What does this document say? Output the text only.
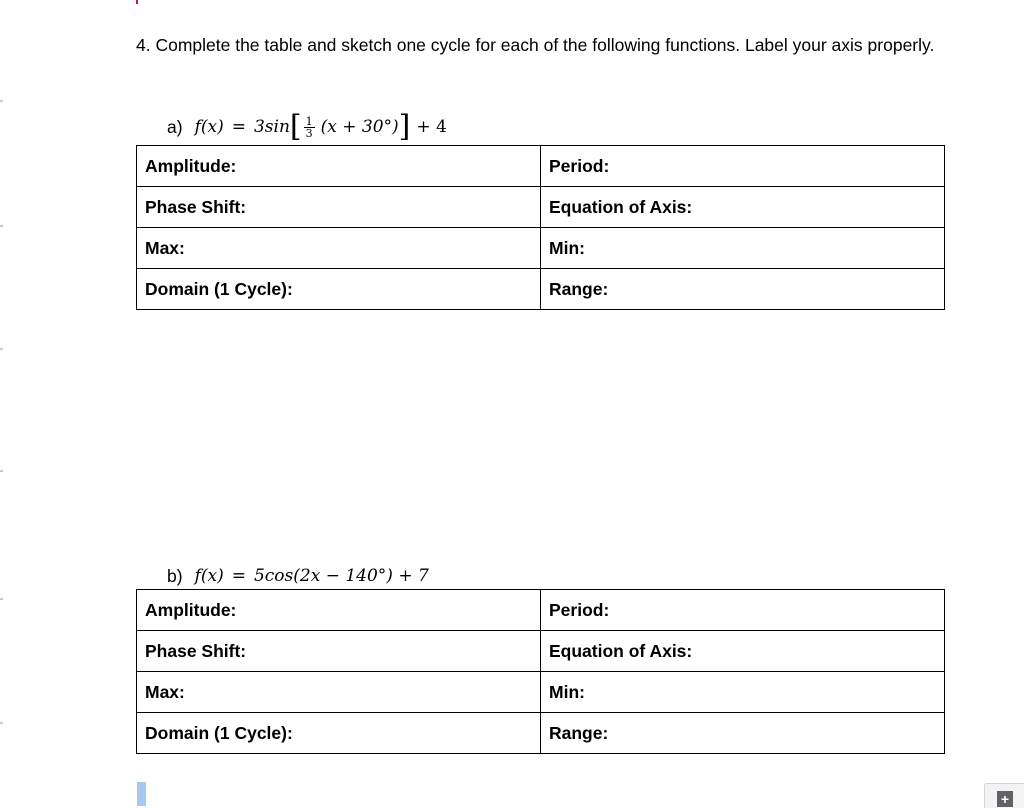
4. Complete the table and sketch one cycle for each of the following functions. Label your axis properly.
a) f(x) = 3sin [ $\frac{1}{3} (x + 30^\circ)$ ] + 4
Amplitude:	Period:
Phase Shift:	Equation of Axis:
Max:	Min:
Domain (1 Cycle):	Range:
b) f(x) = 5cos(2x − 140°) + 7
Amplitude:	Period:
Phase Shift:	Equation of Axis:
Max:	Min:
Domain (1 Cycle):	Range:
+
